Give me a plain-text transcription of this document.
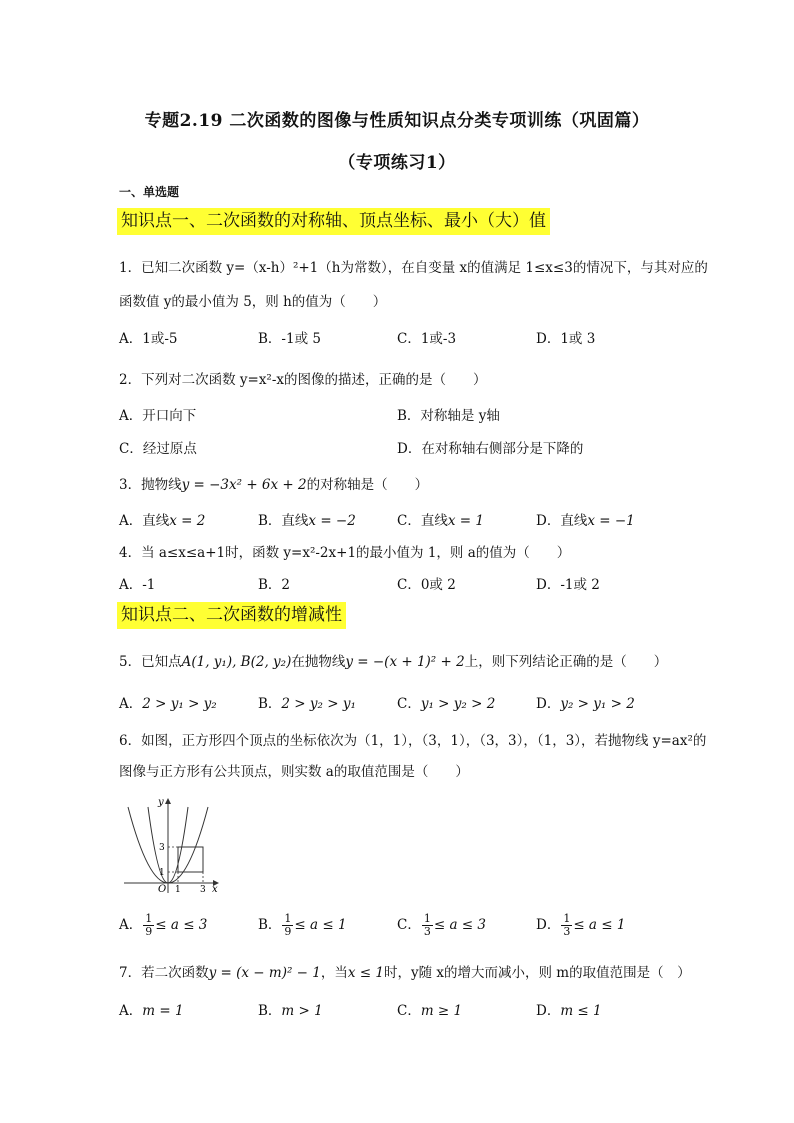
专题2.19 二次函数的图像与性质知识点分类专项训练（巩固篇）
（专项练习1）
一、单选题
知识点一、二次函数的对称轴、顶点坐标、最小（大）值
1．已知二次函数 y=（x-h）²+1（h为常数），在自变量 x的值满足 1≤x≤3的情况下，与其对应的
函数值 y的最小值为 5，则 h的值为（　　）
A．1或-5	B．-1或 5	C．1或-3	D．1或 3
2．下列对二次函数 y=x²-x的图像的描述，正确的是（　　）
A．开口向下	B．对称轴是 y轴
C．经过原点	D．在对称轴右侧部分是下降的
3．抛物线y = −3x² + 6x + 2的对称轴是（　　）
A．直线x = 2	B．直线x = −2	C．直线x = 1	D．直线x = −1
4．当 a≤x≤a+1时，函数 y=x²-2x+1的最小值为 1，则 a的值为（　　）
A．-1	B．2	C．0或 2	D．-1或 2
知识点二、二次函数的增减性
5．已知点A(1, y₁), B(2, y₂)在抛物线y = −(x + 1)² + 2上，则下列结论正确的是（　　）
A．2 > y₁ > y₂	B．2 > y₂ > y₁	C．y₁ > y₂ > 2	D．y₂ > y₁ > 2
6．如图，正方形四个顶点的坐标依次为（1，1），（3，1），（3，3），（1，3），若抛物线 y=ax²的
图像与正方形有公共顶点，则实数 a的取值范围是（　　）
y
x
O 1 3
1
3
A． $\frac{1}{9} \le a \le 3$	B． $\frac{1}{9} \le a \le 1$	C． $\frac{1}{3} \le a \le 3$	D． $\frac{1}{3} \le a \le 1$
7．若二次函数y = (x − m)² − 1，当x ≤ 1时，y随 x的增大而减小，则 m的取值范围是（　）
A．m = 1	B．m > 1	C．m ≥ 1	D．m ≤ 1
